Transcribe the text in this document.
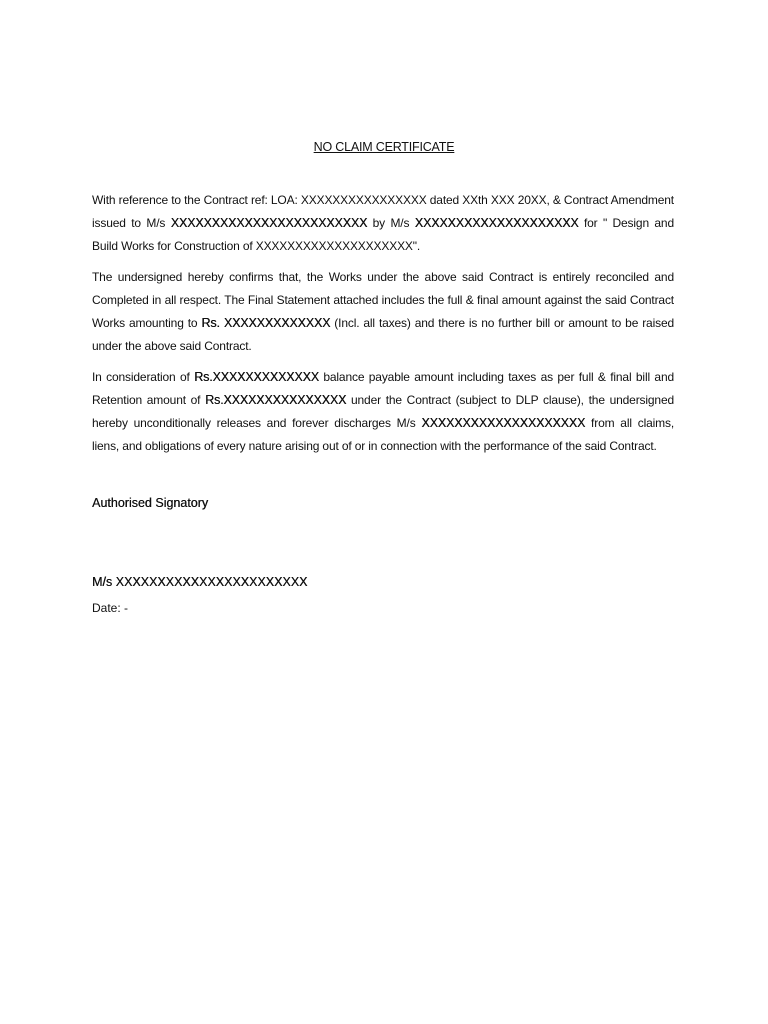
NO CLAIM CERTIFICATE

With reference to the Contract ref: LOA: XXXXXXXXXXXXXXXX dated XXth XXX 20XX, & Contract Amendment issued to M/s XXXXXXXXXXXXXXXXXXXXXXXX by M/s XXXXXXXXXXXXXXXXXXXX for " Design and Build Works for Construction of XXXXXXXXXXXXXXXXXXXX".

The undersigned hereby confirms that, the Works under the above said Contract is entirely reconciled and Completed in all respect. The Final Statement attached includes the full & final amount against the said Contract Works amounting to Rs. XXXXXXXXXXXXX (Incl. all taxes) and there is no further bill or amount to be raised under the above said Contract.

In consideration of Rs.XXXXXXXXXXXXX balance payable amount including taxes as per full & final bill and Retention amount of Rs.XXXXXXXXXXXXXXX under the Contract (subject to DLP clause), the undersigned hereby unconditionally releases and forever discharges M/s XXXXXXXXXXXXXXXXXXXX from all claims, liens, and obligations of every nature arising out of or in connection with the performance of the said Contract.

Authorised Signatory
M/s XXXXXXXXXXXXXXXXXXXXXXX
Date: -
